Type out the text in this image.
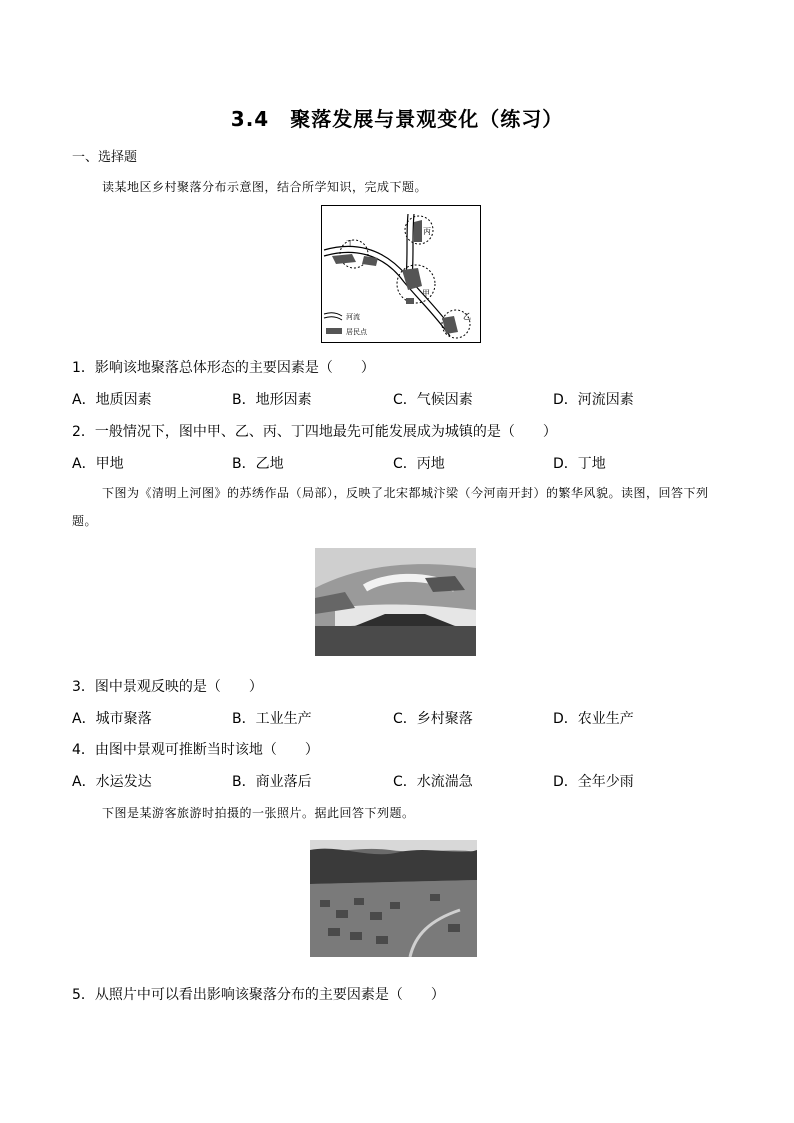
3.4　聚落发展与景观变化（练习）
一、选择题
读某地区乡村聚落分布示意图，结合所学知识，完成下题。
丁
丙
甲
乙
河流
居民点
1．影响该地聚落总体形态的主要因素是（　　）
A．地质因素	B．地形因素	C．气候因素	D．河流因素
2．一般情况下，图中甲、乙、丙、丁四地最先可能发展成为城镇的是（　　）
A．甲地	B．乙地	C．丙地	D．丁地
下图为《清明上河图》的苏绣作品（局部），反映了北宋都城汴梁（今河南开封）的繁华风貌。读图，回答下列题。
3．图中景观反映的是（　　）
A．城市聚落	B．工业生产	C．乡村聚落	D．农业生产
4．由图中景观可推断当时该地（　　）
A．水运发达	B．商业落后	C．水流湍急	D．全年少雨
下图是某游客旅游时拍摄的一张照片。据此回答下列题。
5．从照片中可以看出影响该聚落分布的主要因素是（　　）
